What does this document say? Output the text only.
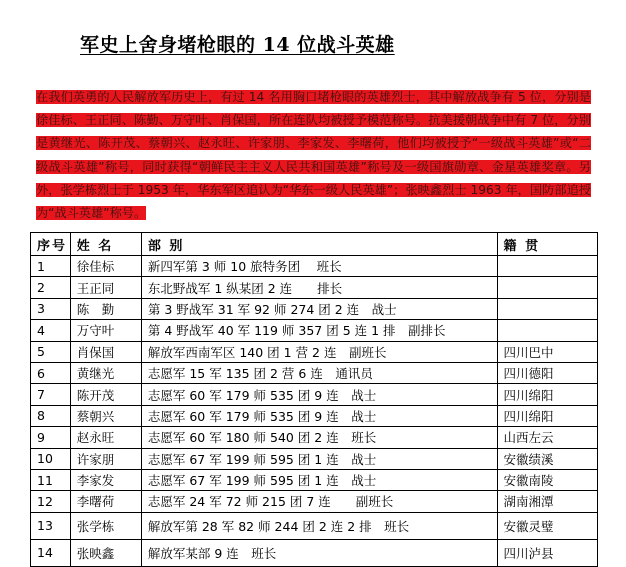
军史上舍身堵枪眼的 14 位战斗英雄
在我们英勇的人民解放军历史上，有过 14 名用胸口堵枪眼的英雄烈士，其中解放战争有 5 位，分别是徐佳标、王正同、陈勤、万守叶、肖保国，所在连队均被授予模范称号。抗美援朝战争中有 7 位，分别是黄继光、陈开茂、蔡朝兴、赵永旺、许家朋、李家发、李曙荷，他们均被授予“一级战斗英雄”或“二级战斗英雄”称号，同时获得“朝鲜民主主义人民共和国英雄”称号及一级国旗勋章、金星英雄奖章。另外，张学栋烈士于 1953 年，华东军区追认为“华东一级人民英雄”；张映鑫烈士 1963 年，国防部追授为“战斗英雄”称号。
序号	姓 名	部 别	籍 贯
1	徐佳标	新四军第 3 师 10 旅特务团　 班长	
2	王正同	东北野战军 1 纵某团 2 连　　排长	
3	陈　勤	第 3 野战军 31 军 92 师 274 团 2 连　战士	
4	万守叶	第 4 野战军 40 军 119 师 357 团 5 连 1 排　副排长	
5	肖保国	解放军西南军区 140 团 1 营 2 连　副班长	四川巴中
6	黄继光	志愿军 15 军 135 团 2 营 6 连　通讯员	四川德阳
7	陈开茂	志愿军 60 军 179 师 535 团 9 连　战士	四川绵阳
8	蔡朝兴	志愿军 60 军 179 师 535 团 9 连　战士	四川绵阳
9	赵永旺	志愿军 60 军 180 师 540 团 2 连　班长	山西左云
10	许家朋	志愿军 67 军 199 师 595 团 1 连　战士	安徽绩溪
11	李家发	志愿军 67 军 199 师 595 团 1 连　战士	安徽南陵
12	李曙荷	志愿军 24 军 72 师 215 团 7 连　　副班长	湖南湘潭
13	张学栋	解放军第 28 军 82 师 244 团 2 连 2 排　班长	安徽灵璧
14	张映鑫	解放军某部 9 连　班长	四川泸县
